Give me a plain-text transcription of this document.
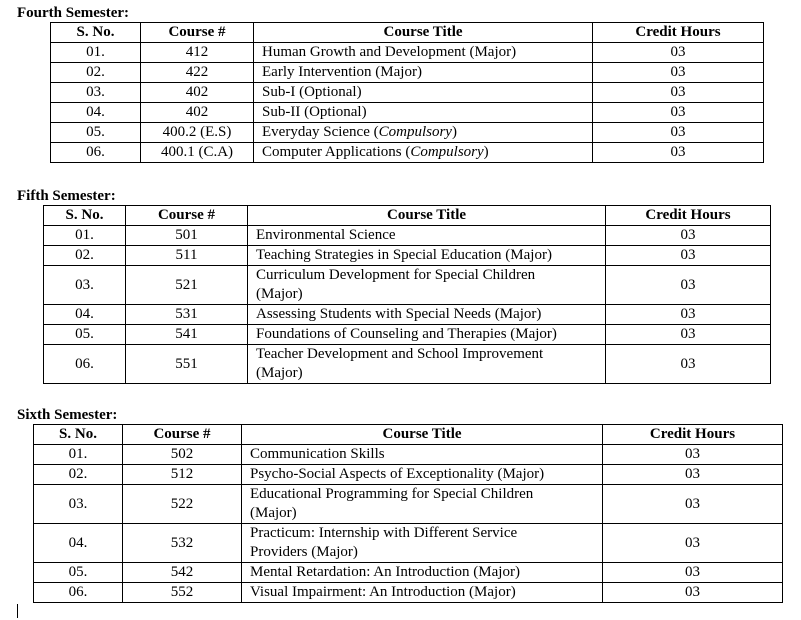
Fourth Semester:
S. No.	Course #	Course Title	Credit Hours
01.	412	Human Growth and Development (Major)	03
02.	422	Early Intervention (Major)	03
03.	402	Sub-I (Optional)	03
04.	402	Sub-II (Optional)	03
05.	400.2 (E.S)	Everyday Science (Compulsory)	03
06.	400.1 (C.A)	Computer Applications (Compulsory)	03
Fifth Semester:
S. No.	Course #	Course Title	Credit Hours
01.	501	Environmental Science	03
02.	511	Teaching Strategies in Special Education (Major)	03
03.	521	Curriculum Development for Special Children
(Major)	03
04.	531	Assessing Students with Special Needs (Major)	03
05.	541	Foundations of Counseling and Therapies (Major)	03
06.	551	Teacher Development and School Improvement
(Major)	03
Sixth Semester:
S. No.	Course #	Course Title	Credit Hours
01.	502	Communication Skills	03
02.	512	Psycho-Social Aspects of Exceptionality (Major)	03
03.	522	Educational Programming for Special Children
(Major)	03
04.	532	Practicum: Internship with Different Service
Providers (Major)	03
05.	542	Mental Retardation: An Introduction (Major)	03
06.	552	Visual Impairment: An Introduction (Major)	03
